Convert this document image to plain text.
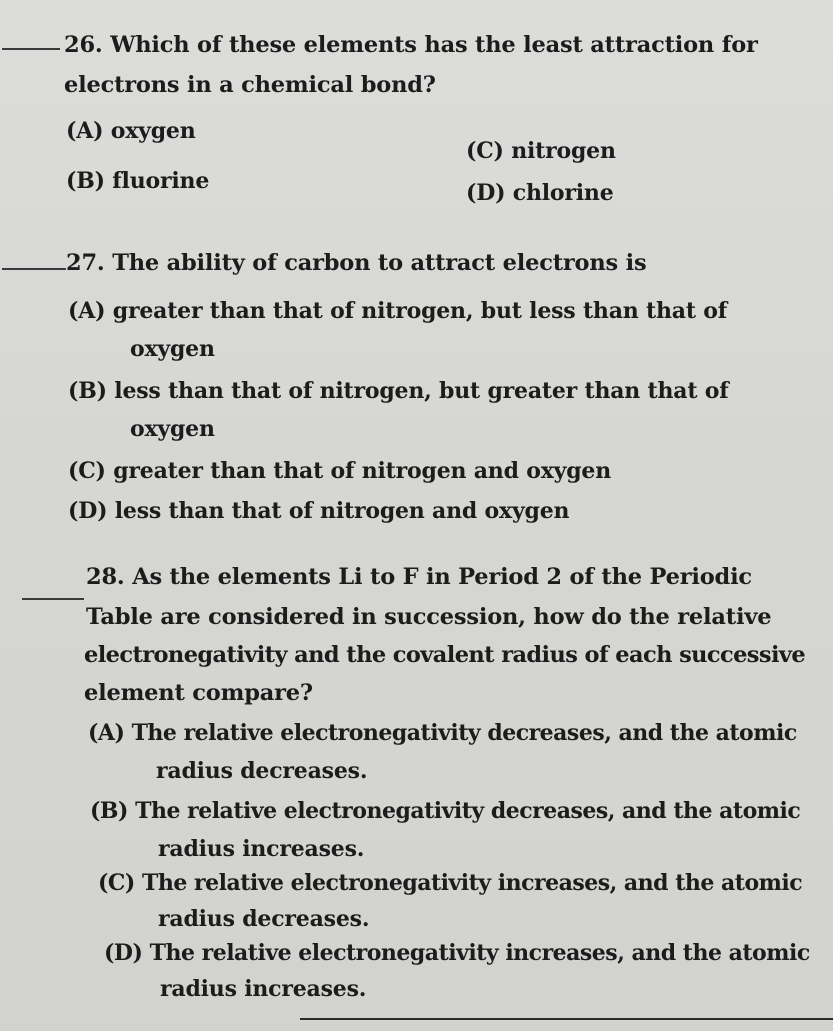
26. Which of these elements has the least attraction for
electrons in a chemical bond?
(A) oxygen
(C) nitrogen
(B) fluorine	(D) chlorine
27. The ability of carbon to attract electrons is
(A) greater than that of nitrogen, but less than that of
oxygen
(B) less than that of nitrogen, but greater than that of
oxygen
(C) greater than that of nitrogen and oxygen
(D) less than that of nitrogen and oxygen
28. As the elements Li to F in Period 2 of the Periodic
Table are considered in succession, how do the relative
electronegativity and the covalent radius of each successive
element compare?
(A) The relative electronegativity decreases, and the atomic
radius decreases.
(B) The relative electronegativity decreases, and the atomic
radius increases.
(C) The relative electronegativity increases, and the atomic
radius decreases.
(D) The relative electronegativity increases, and the atomic
radius increases.
